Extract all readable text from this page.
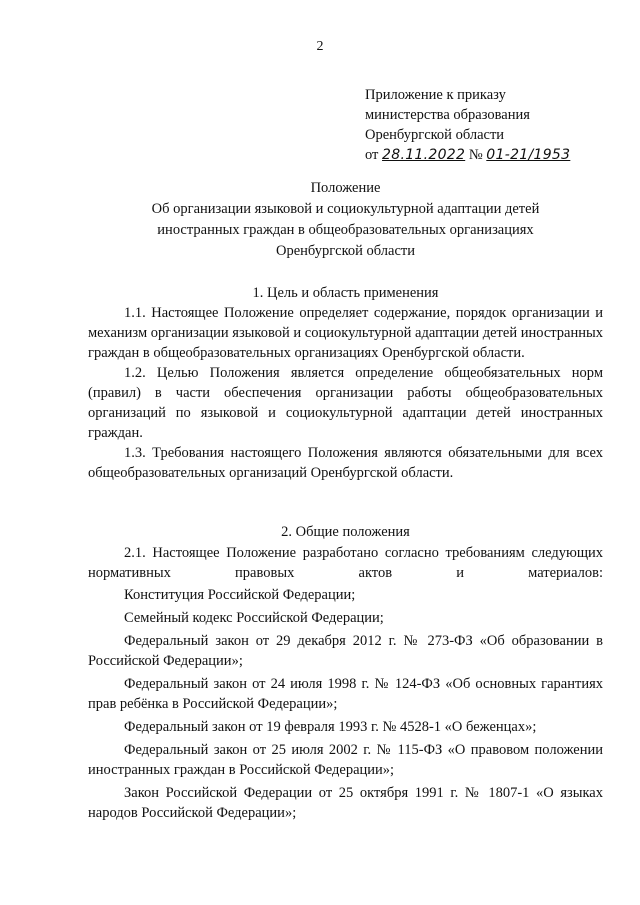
2
Приложение к приказу
министерства образования
Оренбургской области
от 28.11.2022 № 01-21/1953
Положение
Об организации языковой и социокультурной адаптации детей
иностранных граждан в общеобразовательных организациях
Оренбургской области
1. Цель и область применения

1.1. Настоящее Положение определяет содержание, порядок организации и механизм организации языковой и социокультурной адаптации детей иностранных граждан в общеобразовательных организациях Оренбургской области.

1.2. Целью Положения является определение общеобязательных норм (правил) в части обеспечения организации работы общеобразовательных организаций по языковой и социокультурной адаптации детей иностранных граждан.

1.3. Требования настоящего Положения являются обязательными для всех общеобразовательных организаций Оренбургской области.

2. Общие положения

2.1. Настоящее Положение разработано согласно требованиям следующих нормативных правовых актов и материалов:

Конституция Российской Федерации;

Семейный кодекс Российской Федерации;

Федеральный закон от 29 декабря 2012 г. № 273-ФЗ «Об образовании в Российской Федерации»;

Федеральный закон от 24 июля 1998 г. № 124-ФЗ «Об основных гарантиях прав ребёнка в Российской Федерации»;

Федеральный закон от 19 февраля 1993 г. № 4528-1 «О беженцах»;

Федеральный закон от 25 июля 2002 г. № 115-ФЗ «О правовом положении иностранных граждан в Российской Федерации»;

Закон Российской Федерации от 25 октября 1991 г. № 1807-1 «О языках народов Российской Федерации»;
